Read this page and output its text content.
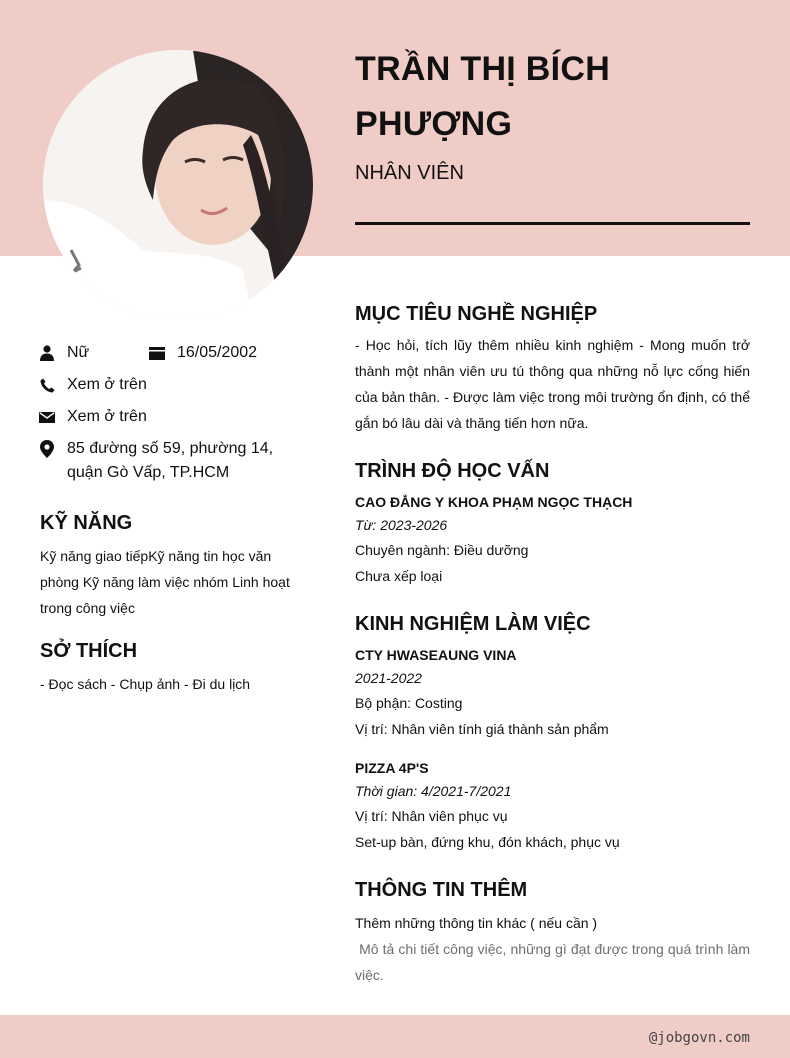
TRẦN THỊ BÍCH
PHƯỢNG

NHÂN VIÊN

Nữ	16/05/2002
Xem ở trên
Xem ở trên
85 đường số 59, phường 14, quận Gò Vấp, TP.HCM
KỸ NĂNG

Kỹ năng giao tiếpKỹ năng tin học văn phòng Kỹ năng làm việc nhóm Linh hoạt trong công việc

SỞ THÍCH

- Đọc sách - Chụp ảnh - Đi du lịch

MỤC TIÊU NGHỀ NGHIỆP

- Học hỏi, tích lũy thêm nhiều kinh nghiệm - Mong muốn trở thành một nhân viên ưu tú thông qua những nỗ lực cống hiến của bản thân. - Được làm việc trong môi trường ổn định, có thể gắn bó lâu dài và thăng tiến hơn nữa.

TRÌNH ĐỘ HỌC VẤN

CAO ĐẲNG Y KHOA PHẠM NGỌC THẠCH

Từ: 2023-2026

Chuyên ngành: Điều dưỡng

Chưa xếp loại

KINH NGHIỆM LÀM VIỆC

CTY HWASEAUNG VINA

2021-2022

Bộ phận: Costing

Vị trí: Nhân viên tính giá thành sản phẩm

PIZZA 4P'S

Thời gian: 4/2021-7/2021

Vị trí: Nhân viên phục vụ

Set-up bàn, đứng khu, đón khách, phục vụ

THÔNG TIN THÊM

Thêm những thông tin khác ( nếu cần )

Mô tả chi tiết công việc, những gì đạt được trong quá trình làm việc.

@jobgovn.com
